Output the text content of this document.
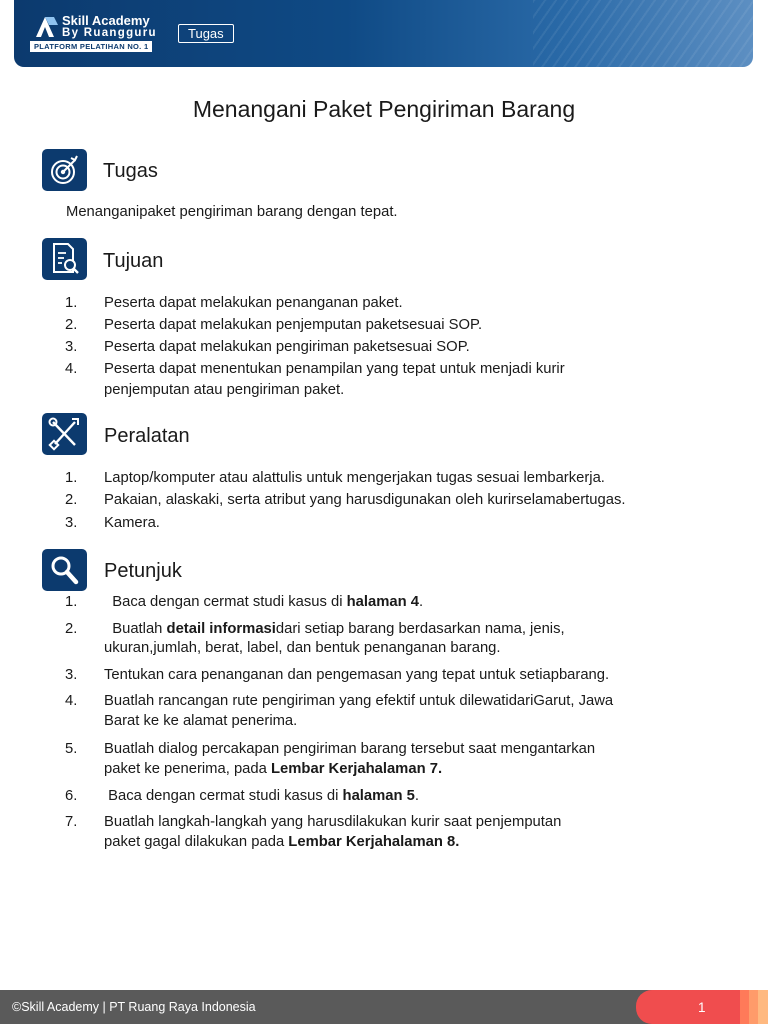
Skill Academy
By Ruangguru
PLATFORM PELATIHAN NO. 1
Tugas
Menangani Paket Pengiriman Barang
Tugas
Menanganipaket pengiriman barang dengan tepat.
Tujuan
1. Peserta dapat melakukan penanganan paket.
2. Peserta dapat melakukan penjemputan paketsesuai SOP.
3. Peserta dapat melakukan pengiriman paketsesuai SOP.
4. Peserta dapat menentukan penampilan yang tepat untuk menjadi kurir
penjemputan atau pengiriman paket.
Peralatan
1. Laptop/komputer atau alattulis untuk mengerjakan tugas sesuai lembarkerja.
2. Pakaian, alaskaki, serta atribut yang harusdigunakan oleh kurirselamabertugas.
3. Kamera.
Petunjuk
1. Baca dengan cermat studi kasus di halaman 4.
2. Buatlah detail informasidari setiap barang berdasarkan nama, jenis,
ukuran,jumlah, berat, label, dan bentuk penanganan barang.
3. Tentukan cara penanganan dan pengemasan yang tepat untuk setiapbarang.
4. Buatlah rancangan rute pengiriman yang efektif untuk dilewatidariGarut, Jawa
Barat ke ke alamat penerima.
5. Buatlah dialog percakapan pengiriman barang tersebut saat mengantarkan
paket ke penerima, pada Lembar Kerjahalaman 7.
6. Baca dengan cermat studi kasus di halaman 5.
7. Buatlah langkah-langkah yang harusdilakukan kurir saat penjemputan
paket gagal dilakukan pada Lembar Kerjahalaman 8.
©Skill Academy | PT Ruang Raya Indonesia	1
